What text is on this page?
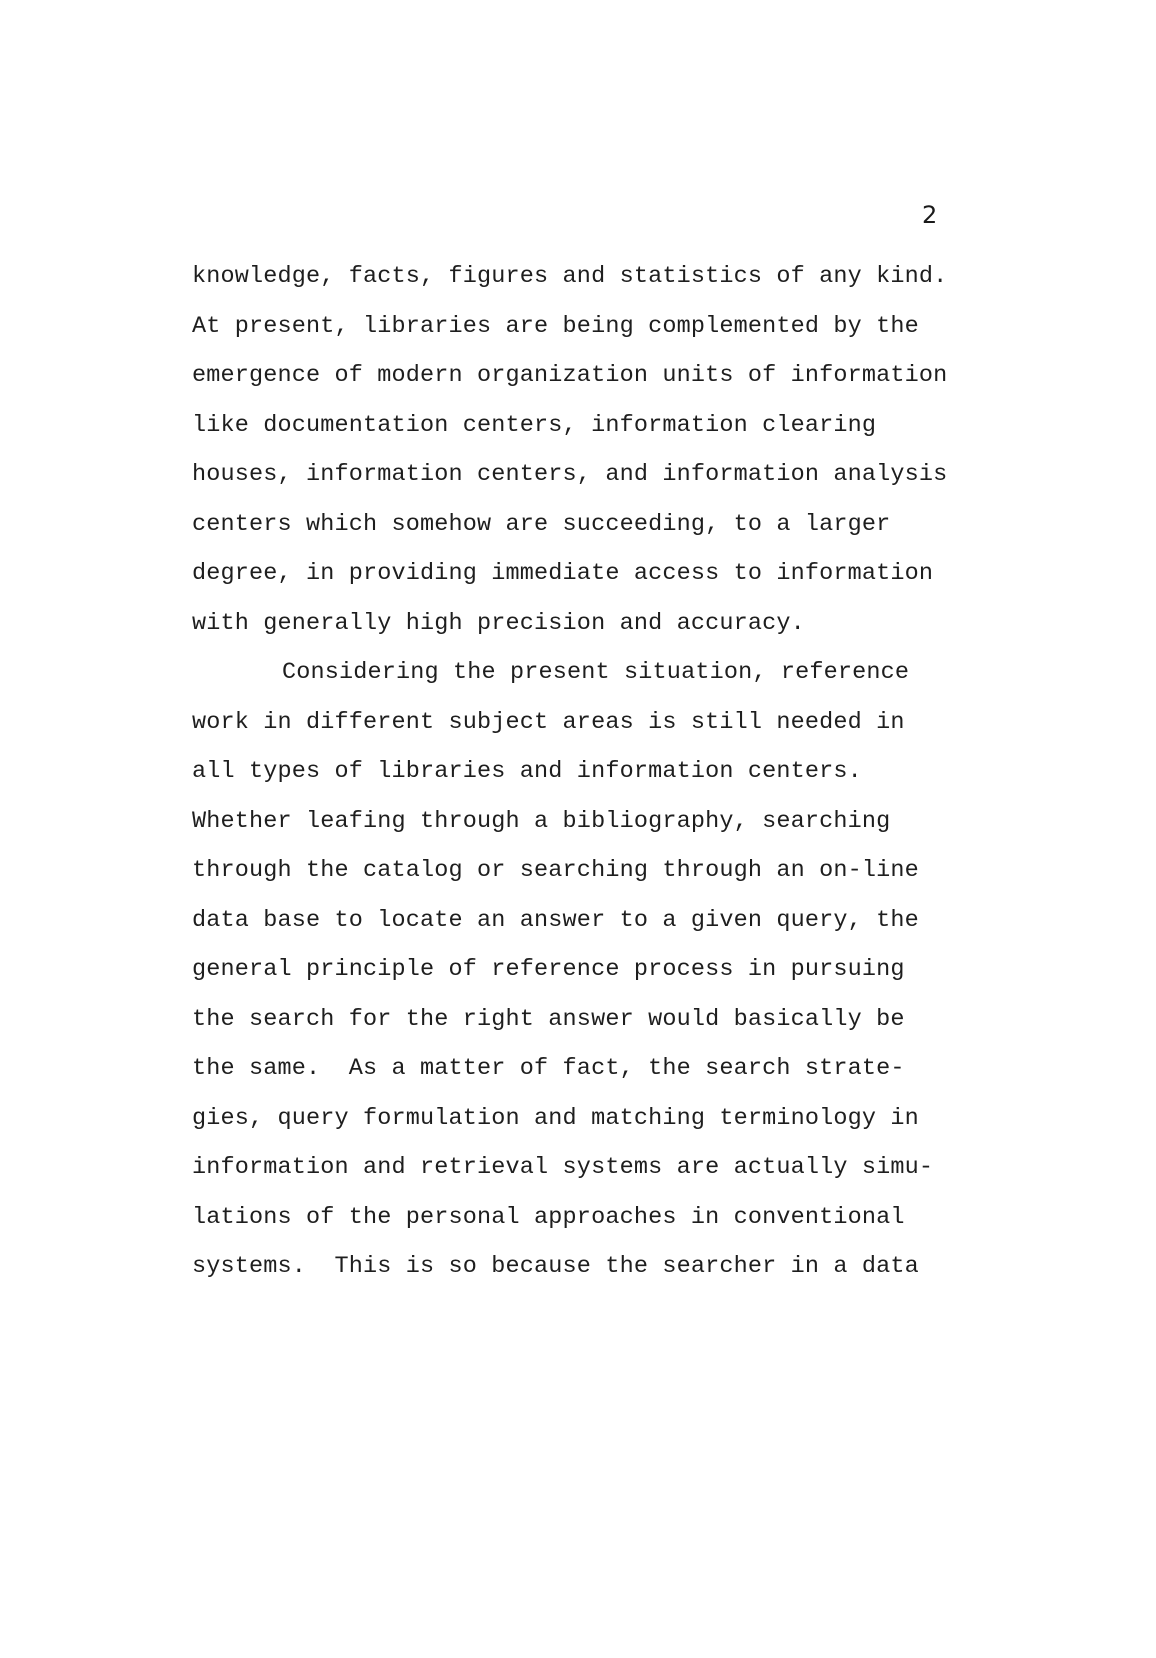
2
knowledge, facts, figures and statistics of any kind.
At present, libraries are being complemented by the
emergence of modern organization units of information
like documentation centers, information clearing
houses, information centers, and information analysis
centers which somehow are succeeding, to a larger
degree, in providing immediate access to information
with generally high precision and accuracy.
Considering the present situation, reference
work in different subject areas is still needed in
all types of libraries and information centers.
Whether leafing through a bibliography, searching
through the catalog or searching through an on-line
data base to locate an answer to a given query, the
general principle of reference process in pursuing
the search for the right answer would basically be
the same.  As a matter of fact, the search strate-
gies, query formulation and matching terminology in
information and retrieval systems are actually simu-
lations of the personal approaches in conventional
systems.  This is so because the searcher in a data
